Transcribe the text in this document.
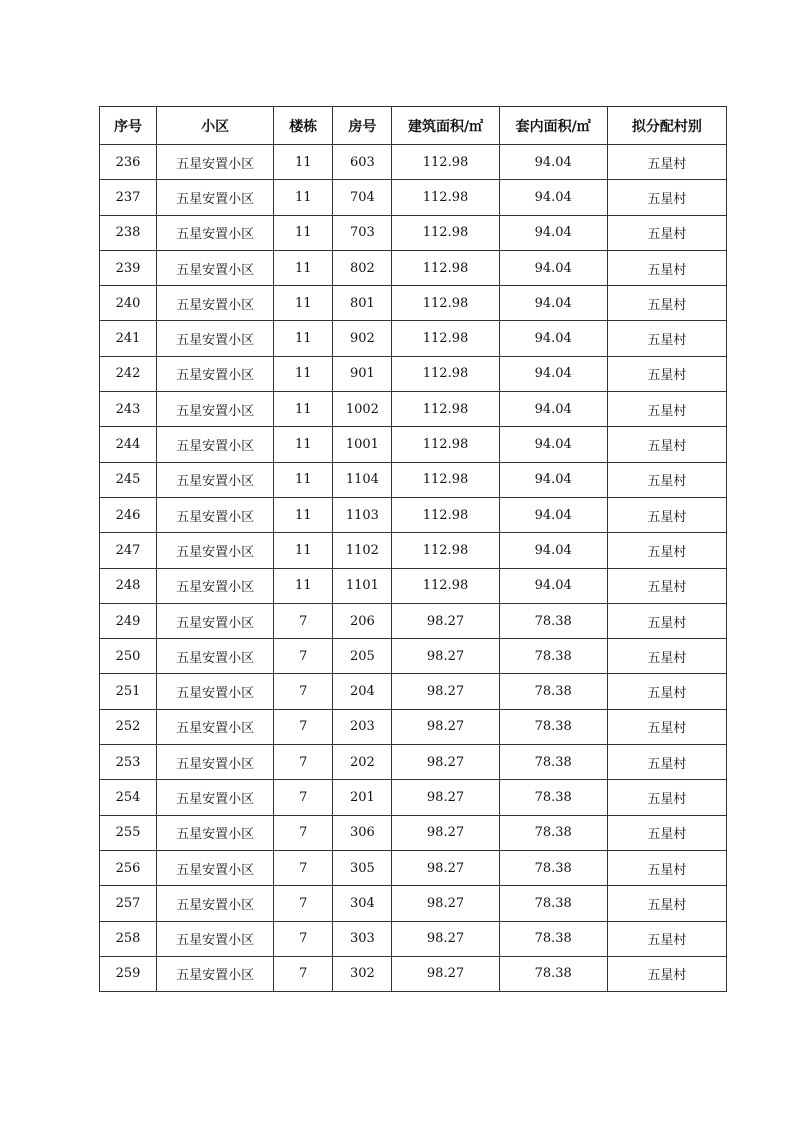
序号	小区	楼栋	房号	建筑面积/㎡	套内面积/㎡	拟分配村别
236	五星安置小区	11	603	112.98	94.04	五星村
237	五星安置小区	11	704	112.98	94.04	五星村
238	五星安置小区	11	703	112.98	94.04	五星村
239	五星安置小区	11	802	112.98	94.04	五星村
240	五星安置小区	11	801	112.98	94.04	五星村
241	五星安置小区	11	902	112.98	94.04	五星村
242	五星安置小区	11	901	112.98	94.04	五星村
243	五星安置小区	11	1002	112.98	94.04	五星村
244	五星安置小区	11	1001	112.98	94.04	五星村
245	五星安置小区	11	1104	112.98	94.04	五星村
246	五星安置小区	11	1103	112.98	94.04	五星村
247	五星安置小区	11	1102	112.98	94.04	五星村
248	五星安置小区	11	1101	112.98	94.04	五星村
249	五星安置小区	7	206	98.27	78.38	五星村
250	五星安置小区	7	205	98.27	78.38	五星村
251	五星安置小区	7	204	98.27	78.38	五星村
252	五星安置小区	7	203	98.27	78.38	五星村
253	五星安置小区	7	202	98.27	78.38	五星村
254	五星安置小区	7	201	98.27	78.38	五星村
255	五星安置小区	7	306	98.27	78.38	五星村
256	五星安置小区	7	305	98.27	78.38	五星村
257	五星安置小区	7	304	98.27	78.38	五星村
258	五星安置小区	7	303	98.27	78.38	五星村
259	五星安置小区	7	302	98.27	78.38	五星村
